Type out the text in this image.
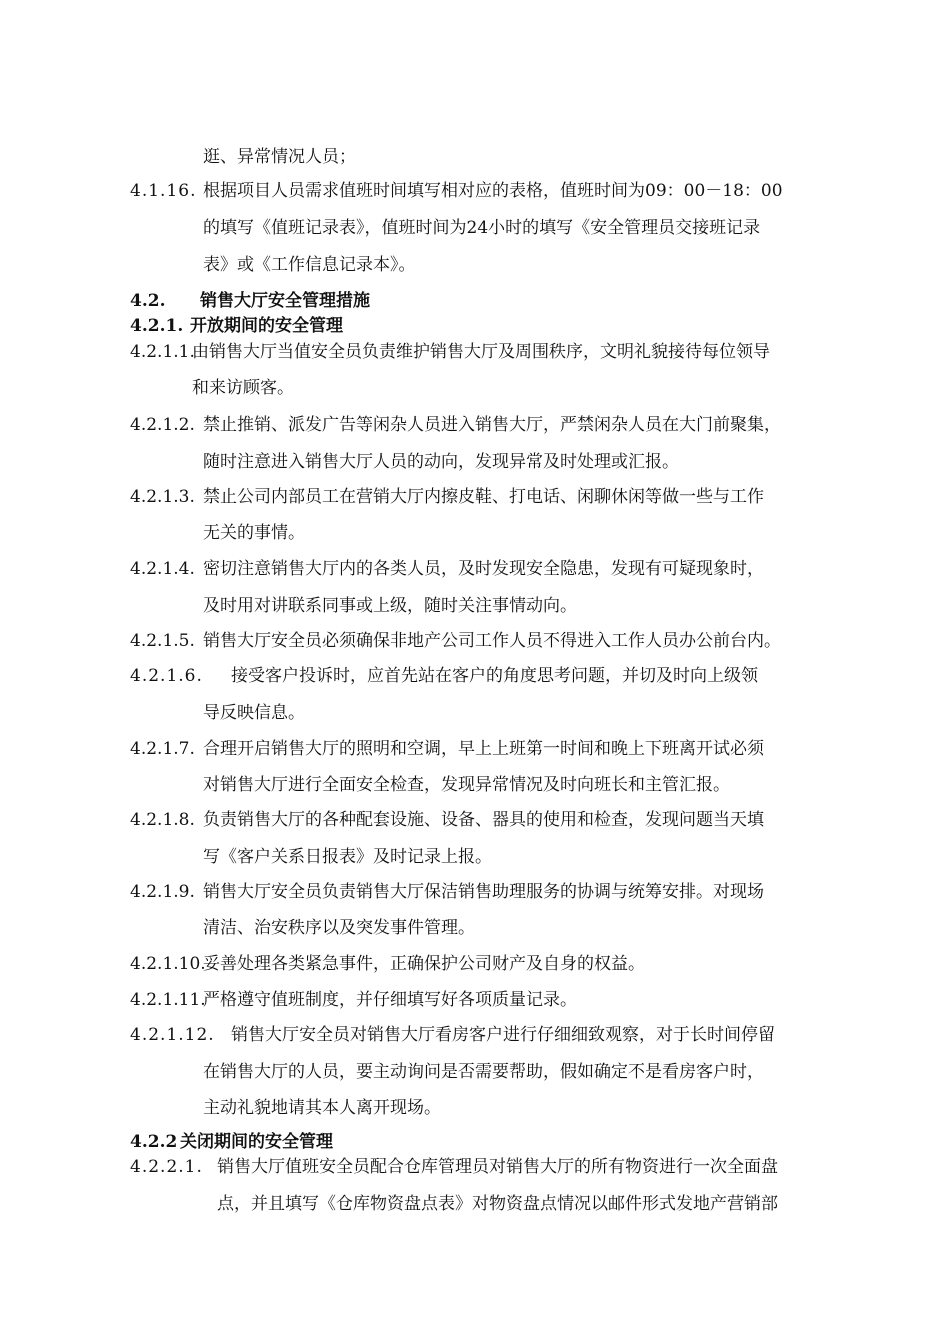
逛、异常情况人员；
4.1.16. 根据项目人员需求值班时间填写相对应的表格，值班时间为09：00－18：00
的填写《值班记录表》，值班时间为24小时的填写《安全管理员交接班记录
表》或《工作信息记录本》。
4.2. 销售大厅安全管理措施
4.2.1. 开放期间的安全管理
4.2.1.1.
由销售大厅当值安全员负责维护销售大厅及周围秩序，文明礼貌接待每位领导
和来访顾客。
4.2.1.2. 禁止推销、派发广告等闲杂人员进入销售大厅，严禁闲杂人员在大门前聚集，
随时注意进入销售大厅人员的动向，发现异常及时处理或汇报。
4.2.1.3. 禁止公司内部员工在营销大厅内擦皮鞋、打电话、闲聊休闲等做一些与工作
无关的事情。
4.2.1.4. 密切注意销售大厅内的各类人员，及时发现安全隐患，发现有可疑现象时，
及时用对讲联系同事或上级，随时关注事情动向。
4.2.1.5. 销售大厅安全员必须确保非地产公司工作人员不得进入工作人员办公前台内。
4.2.1.6. 接受客户投诉时，应首先站在客户的角度思考问题，并切及时向上级领
导反映信息。
4.2.1.7. 合理开启销售大厅的照明和空调，早上上班第一时间和晚上下班离开试必须
对销售大厅进行全面安全检查，发现异常情况及时向班长和主管汇报。
4.2.1.8. 负责销售大厅的各种配套设施、设备、器具的使用和检查，发现问题当天填
写《客户关系日报表》及时记录上报。
4.2.1.9. 销售大厅安全员负责销售大厅保洁销售助理服务的协调与统筹安排。对现场
清洁、治安秩序以及突发事件管理。
4.2.1.10.
妥善处理各类紧急事件，正确保护公司财产及自身的权益。
4.2.1.11.
严格遵守值班制度，并仔细填写好各项质量记录。
4.2.1.12. 销售大厅安全员对销售大厅看房客户进行仔细细致观察，对于长时间停留
在销售大厅的人员，要主动询问是否需要帮助，假如确定不是看房客户时，
主动礼貌地请其本人离开现场。
4.2.2 关闭期间的安全管理
4.2.2.1. 销售大厅值班安全员配合仓库管理员对销售大厅的所有物资进行一次全面盘
点，并且填写《仓库物资盘点表》对物资盘点情况以邮件形式发地产营销部
